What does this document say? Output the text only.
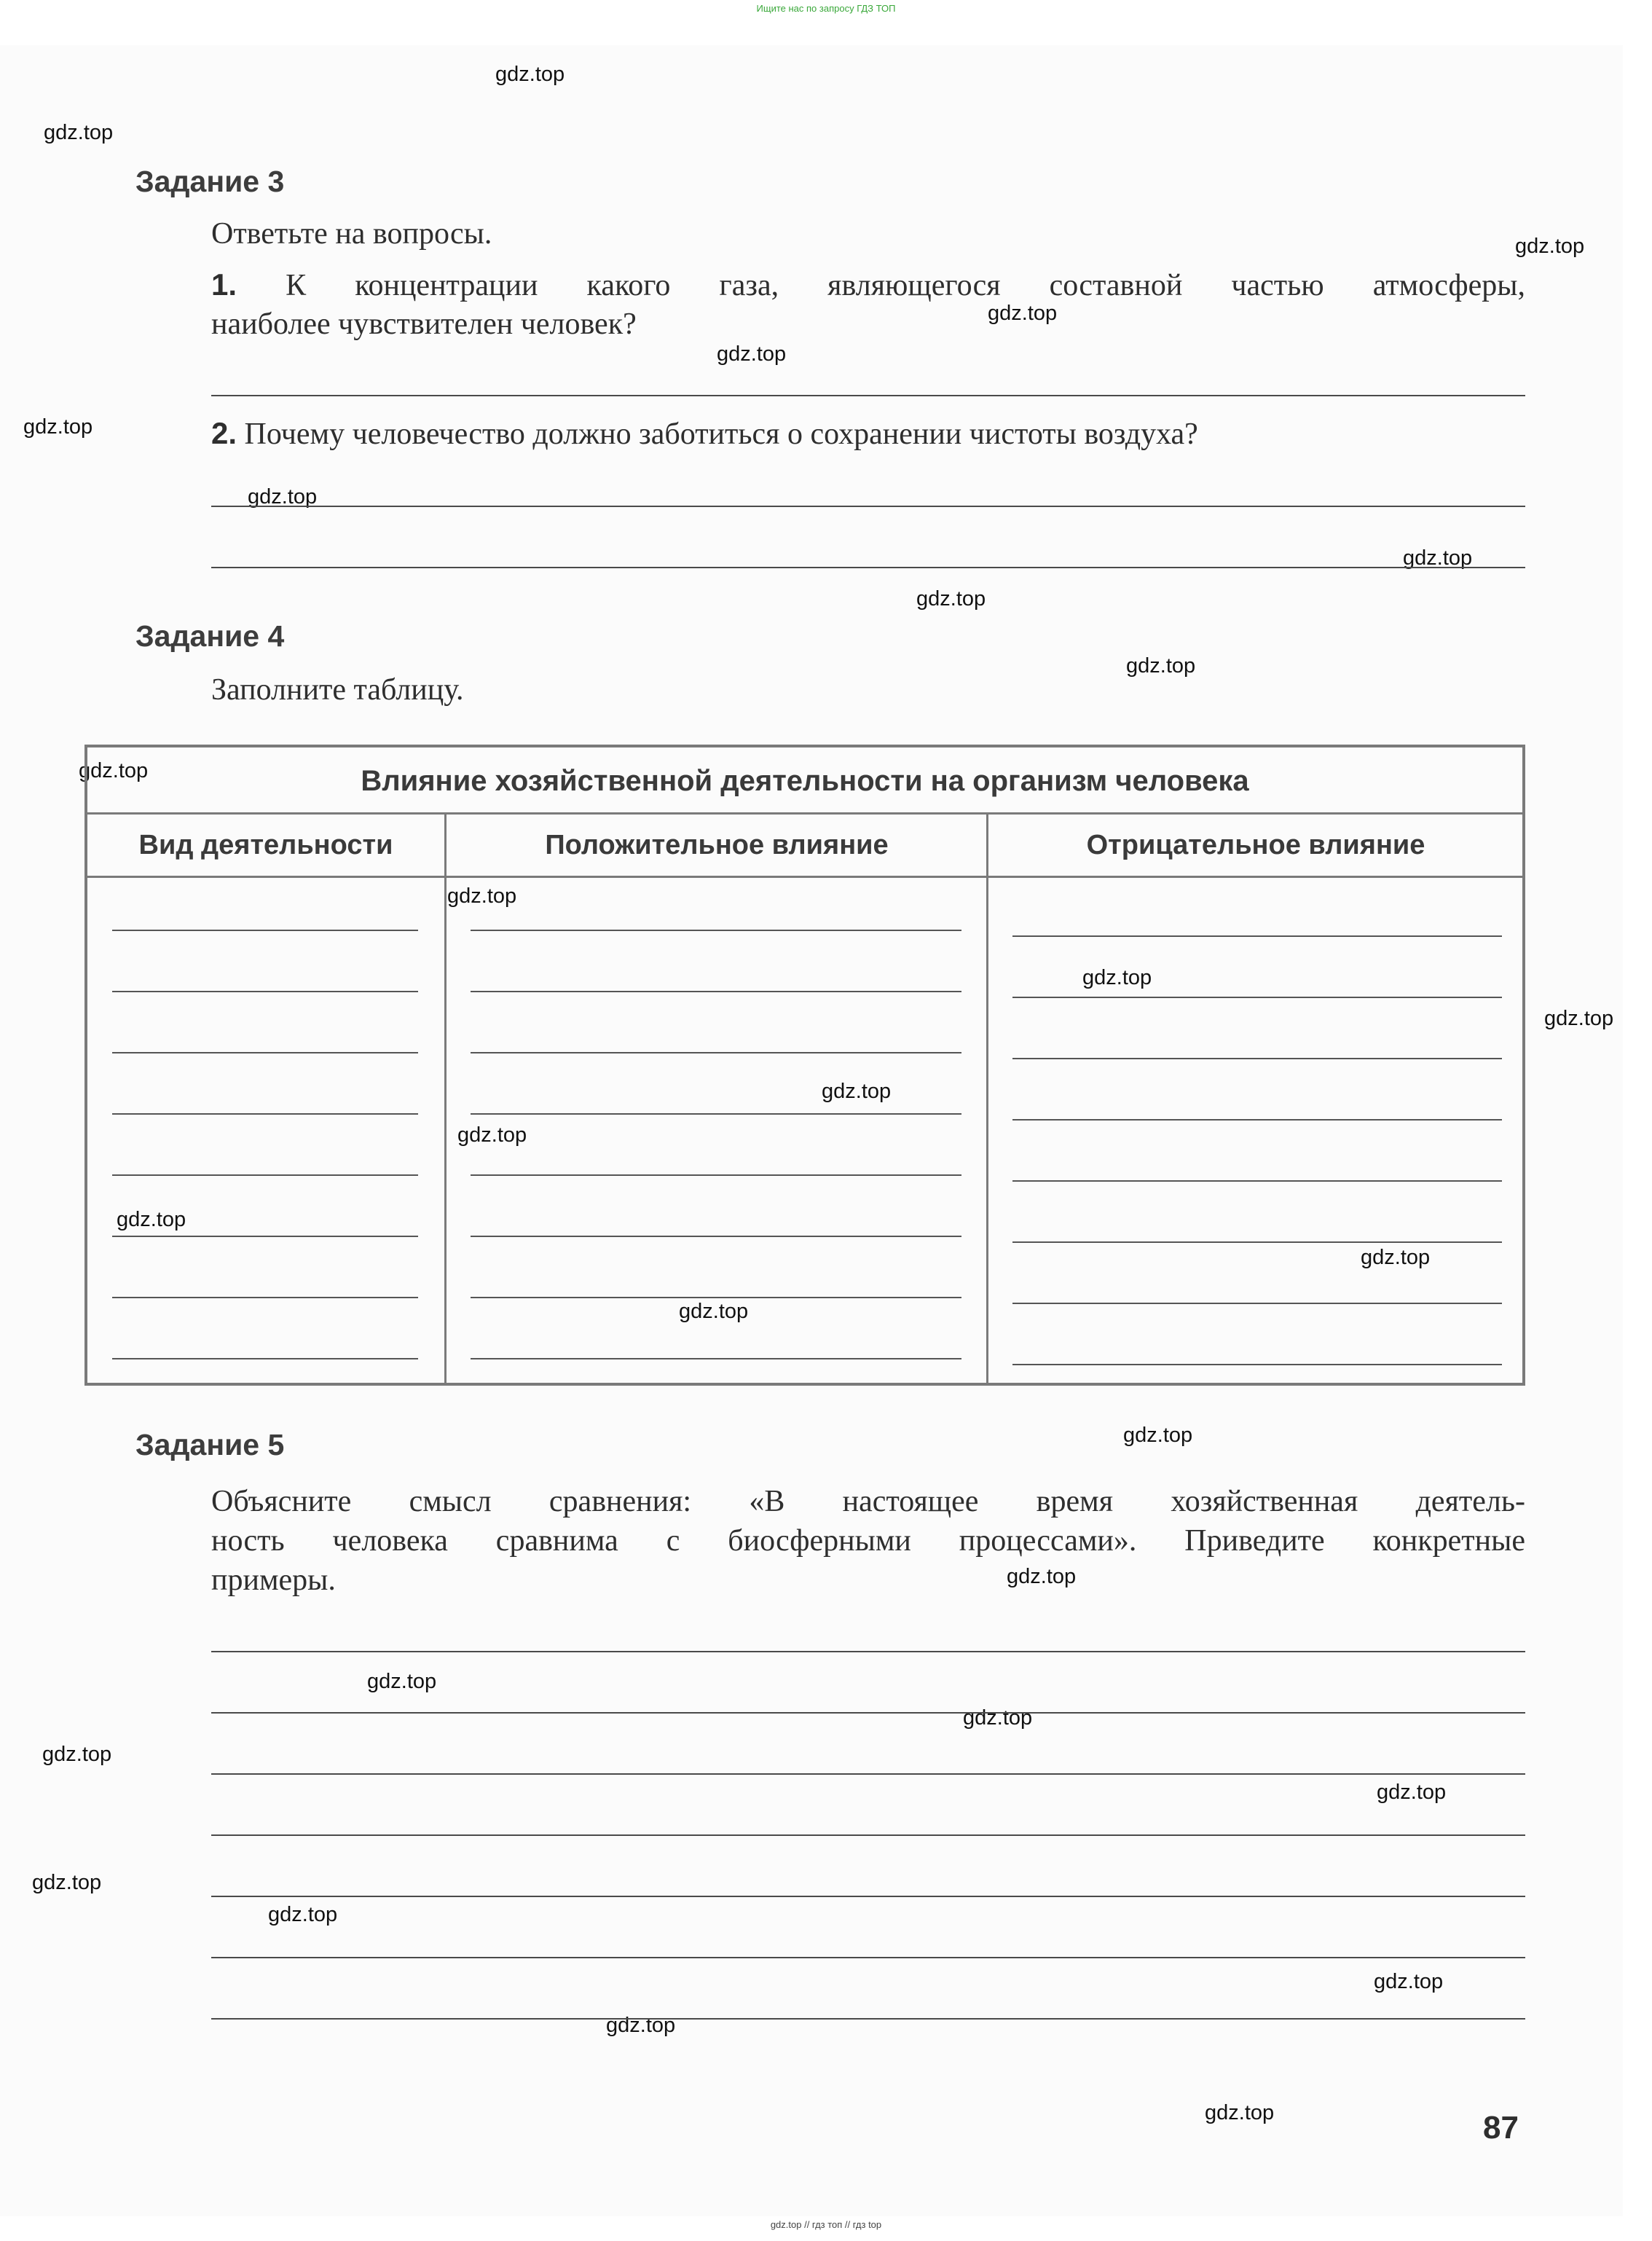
Ищите нас по запросу ГДЗ ТОП
gdz.top
gdz.top
gdz.top
gdz.top
gdz.top
gdz.top
gdz.top
gdz.top
gdz.top
gdz.top
gdz.top
gdz.top
gdz.top
gdz.top
gdz.top
gdz.top
gdz.top
gdz.top
gdz.top
gdz.top
gdz.top
gdz.top
gdz.top
gdz.top
gdz.top
gdz.top
gdz.top
gdz.top
gdz.top
gdz.top
Задание 3
Ответьте на вопросы.
1. К концентрации какого газа, являющегося составной частью атмосферы,
наиболее чувствителен человек?
2. Почему человечество должно заботиться о сохранении чистоты воздуха?
Задание 4
Заполните таблицу.
Влияние хозяйственной деятельности на организм человека
Вид деятельности	Положительное влияние	Отрицательное влияние
Задание 5
Объясните смысл сравнения: «В настоящее время хозяйственная деятель-
ность человека сравнима с биосферными процессами». Приведите конкретные
примеры.
87
gdz.top // гдз топ // гдз top
